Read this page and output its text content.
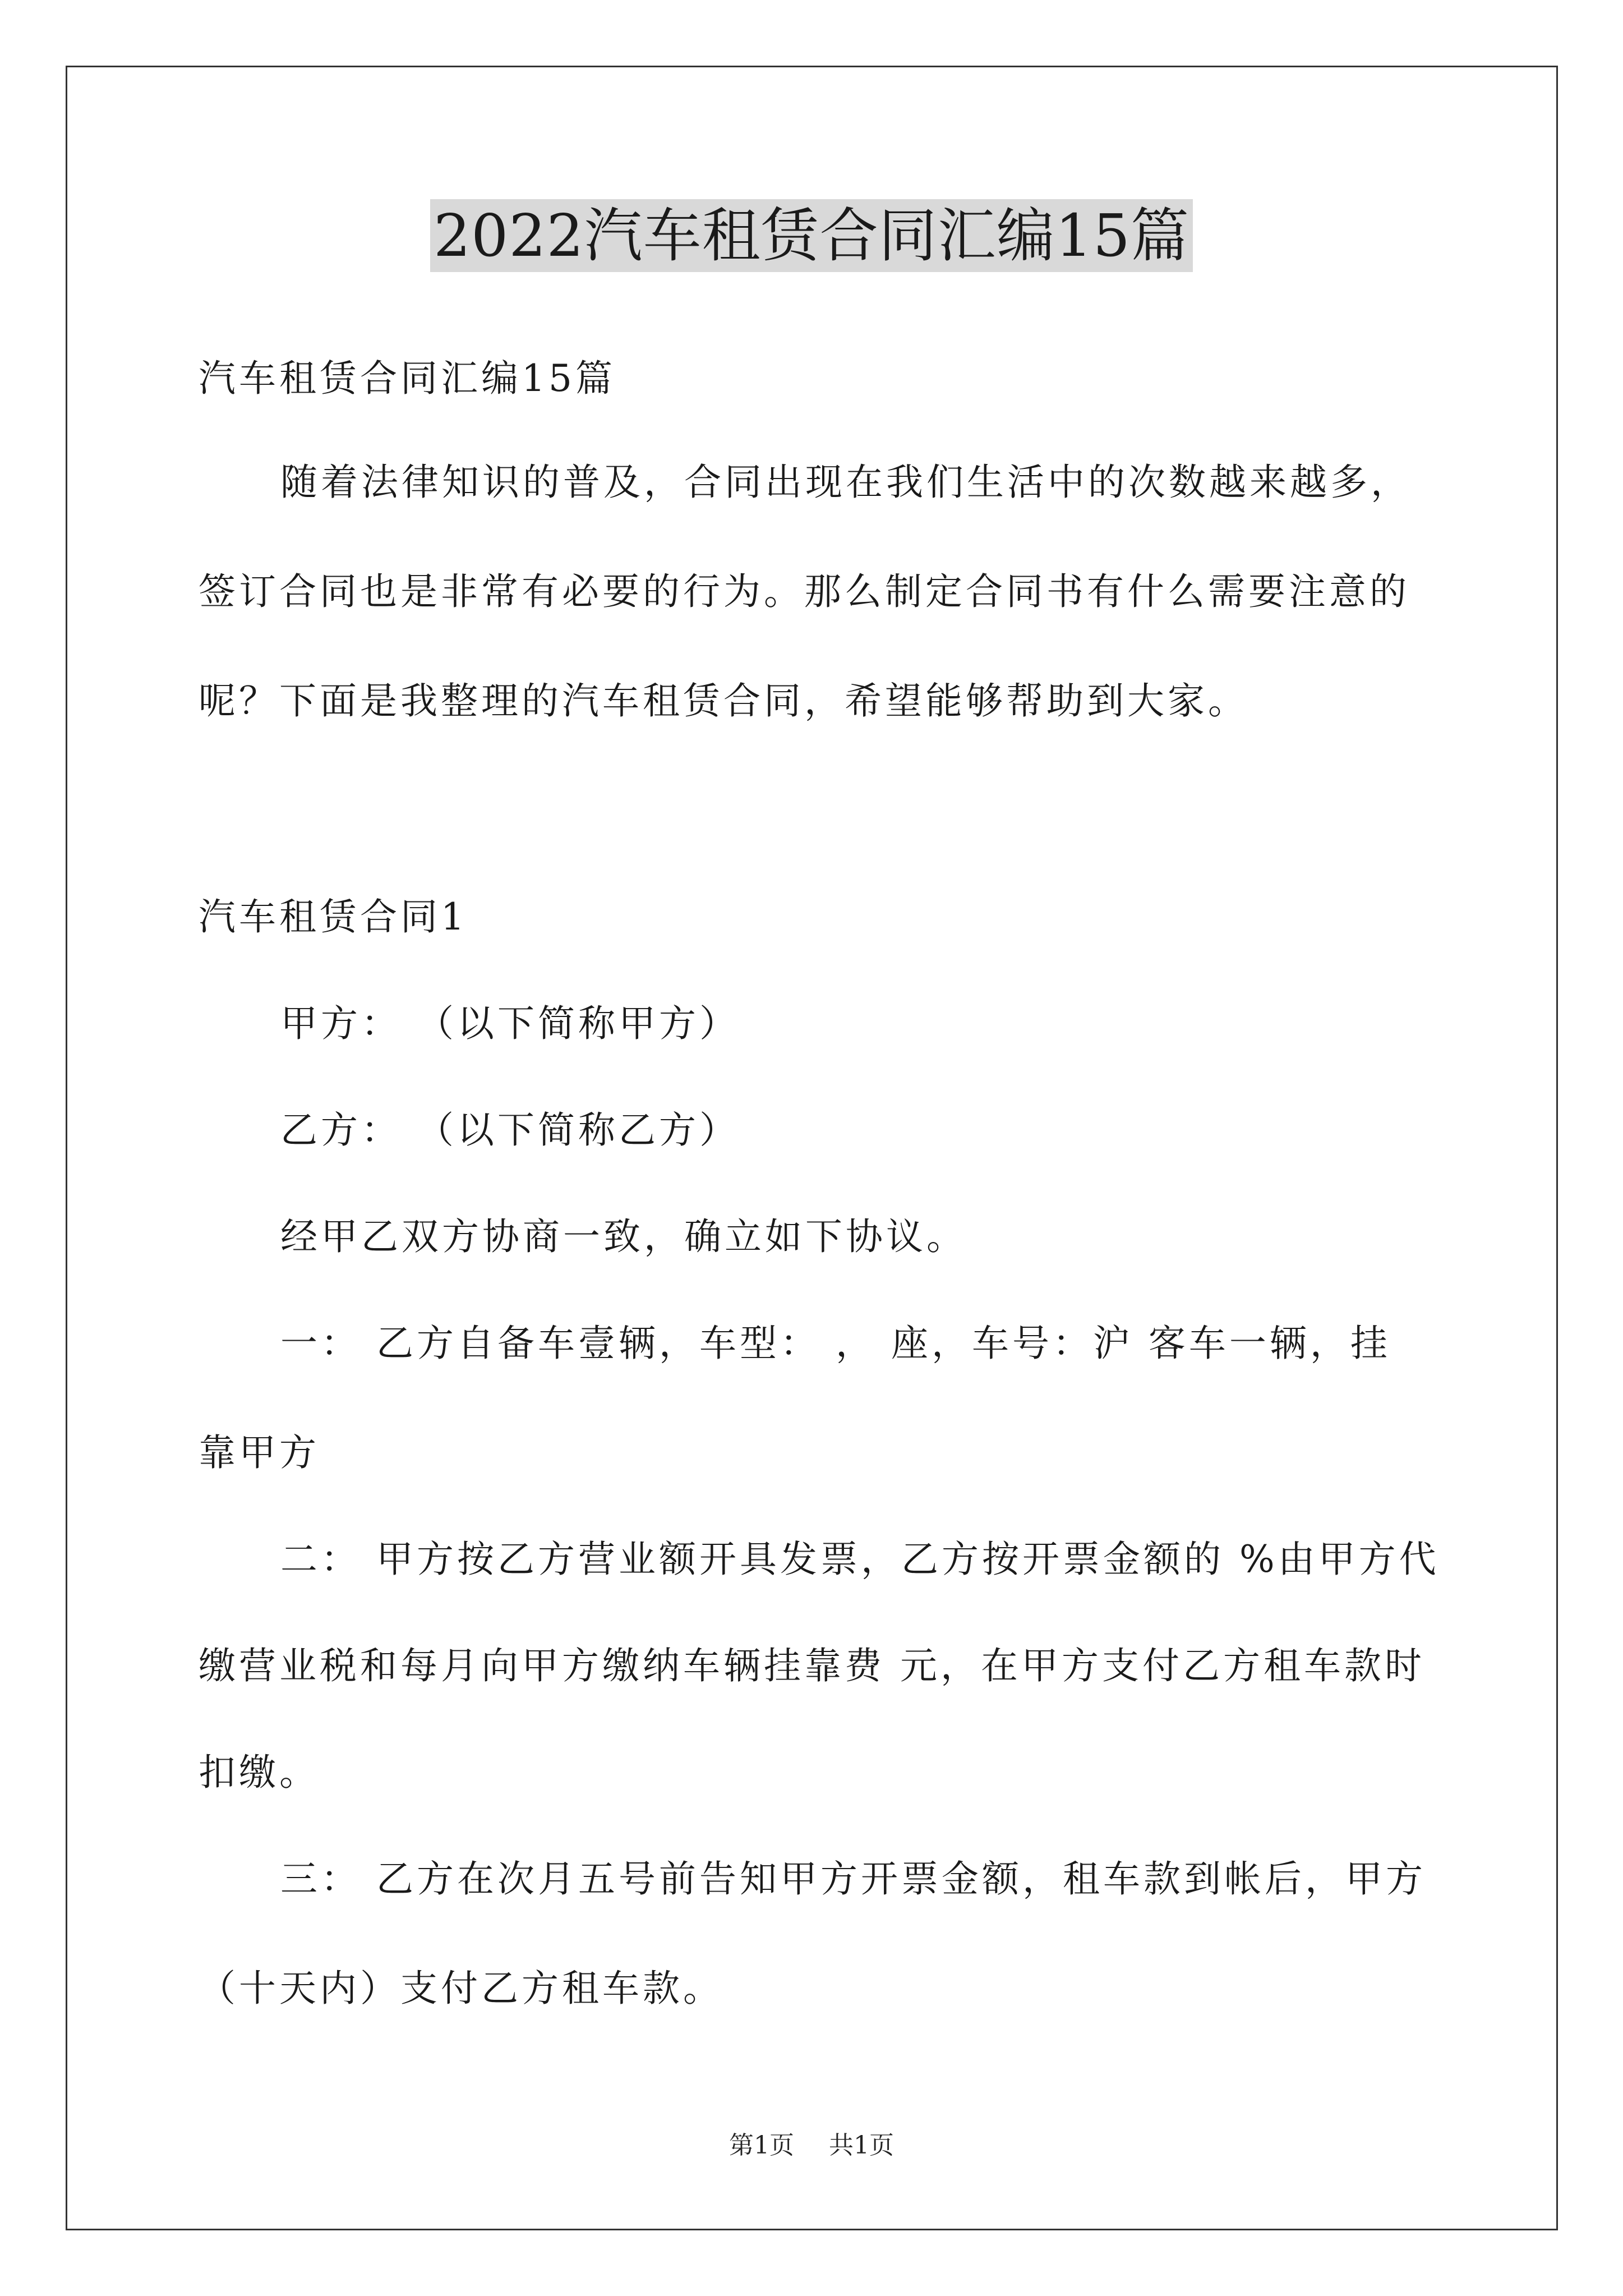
2022汽车租赁合同汇编15篇
汽车租赁合同汇编15篇
随着法律知识的普及，合同出现在我们生活中的次数越来越多，
签订合同也是非常有必要的行为。那么制定合同书有什么需要注意的
呢？下面是我整理的汽车租赁合同，希望能够帮助到大家。
汽车租赁合同1
甲方： （以下简称甲方）
乙方： （以下简称乙方）
经甲乙双方协商一致，确立如下协议。
一： 乙方自备车壹辆，车型： ， 座，车号：沪 客车一辆，挂
靠甲方
二： 甲方按乙方营业额开具发票，乙方按开票金额的 %由甲方代
缴营业税和每月向甲方缴纳车辆挂靠费 元，在甲方支付乙方租车款时
扣缴。
三： 乙方在次月五号前告知甲方开票金额，租车款到帐后，甲方
（十天内）支付乙方租车款。
第1页 共1页
